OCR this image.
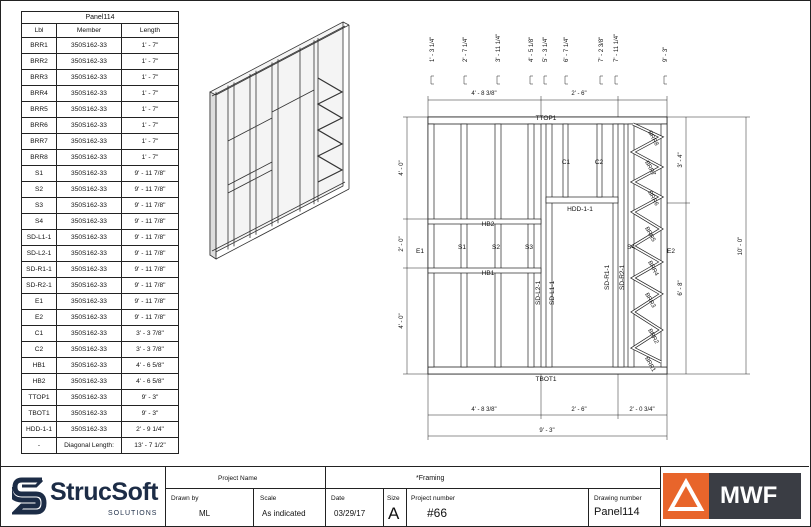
Panel114		
Lbl	Member	Length
BRR1	350S162-33	1' - 7"
BRR2	350S162-33	1' - 7"
BRR3	350S162-33	1' - 7"
BRR4	350S162-33	1' - 7"
BRR5	350S162-33	1' - 7"
BRR6	350S162-33	1' - 7"
BRR7	350S162-33	1' - 7"
BRR8	350S162-33	1' - 7"
S1	350S162-33	9' - 11 7/8"
S2	350S162-33	9' - 11 7/8"
S3	350S162-33	9' - 11 7/8"
S4	350S162-33	9' - 11 7/8"
SD-L1-1	350S162-33	9' - 11 7/8"
SD-L2-1	350S162-33	9' - 11 7/8"
SD-R1-1	350S162-33	9' - 11 7/8"
SD-R2-1	350S162-33	9' - 11 7/8"
E1	350S162-33	9' - 11 7/8"
E2	350S162-33	9' - 11 7/8"
C1	350S162-33	3' - 3 7/8"
C2	350S162-33	3' - 3 7/8"
HB1	350S162-33	4' - 6 5/8"
HB2	350S162-33	4' - 6 5/8"
TTOP1	350S162-33	9' - 3"
TBOT1	350S162-33	9' - 3"
HDD-1-1	350S162-33	2' - 9 1/4"
-	Diagonal Length:	13' - 7 1/2"
1' - 3 1/4"	2' - 7 1/4"	3' - 11 1/4"	4' - 5 1/8" 5' - 3 1/4"	6' - 7 1/4"	7' - 2 3/8" 7' - 11 1/4"	9' - 3"
4' - 8 3/8"	2' - 6"
4' - 8 3/8"	2' - 6"	2' - 0 3/4"
9' - 3"
4' - 0"
2' - 0"
4' - 0"
3' - 4"
6' - 8"
10' - 0"
TTOP1
TBOT1
C1	C2
HDD-1-1
HB2
HB1
E1	E2
S1	S2	S3	S4
SD-L2-1 SD-L1-1
SD-R1-1 SD-R2-1
BRR8
BRR7
BRR6
BRR5
BRR4
BRR3
BRR2
BRR1
Project Name	*Framing
Drawn by
ML
Scale
As indicated
Date
03/29/17
Size
A
Project number
#66
Drawing number
Panel114
StrucSoft
SOLUTIONS
MWF
